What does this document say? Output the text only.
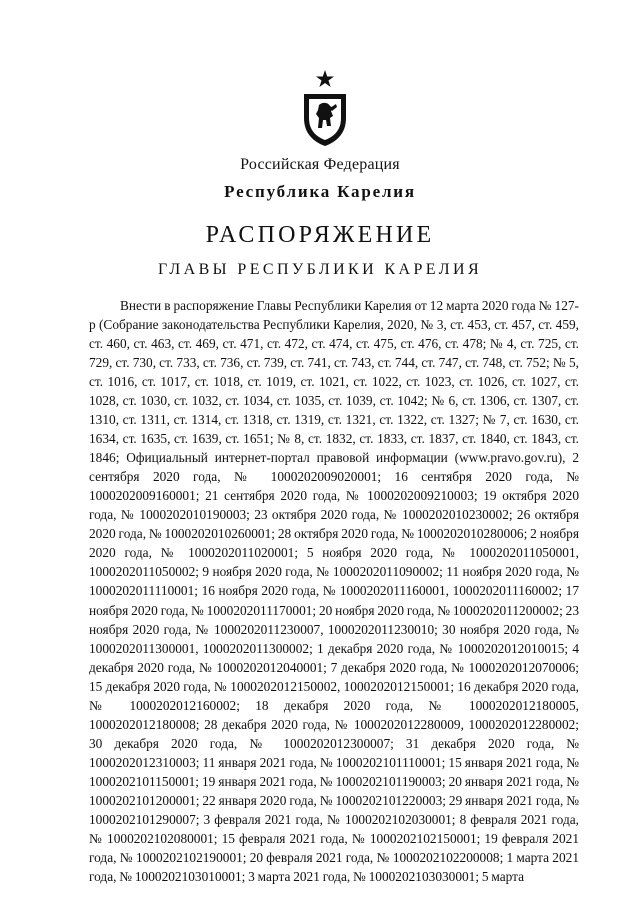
Российская Федерация
Республика Карелия
РАСПОРЯЖЕНИЕ
ГЛАВЫ РЕСПУБЛИКИ КАРЕЛИЯ

Внести в распоряжение Главы Республики Карелия от 12 марта 2020 года № 127-р (Собрание законодательства Республики Карелия, 2020, № 3, ст. 453, ст. 457, ст. 459, ст. 460, ст. 463, ст. 469, ст. 471, ст. 472, ст. 474, ст. 475, ст. 476, ст. 478; № 4, ст. 725, ст. 729, ст. 730, ст. 733, ст. 736, ст. 739, ст. 741, ст. 743, ст. 744, ст. 747, ст. 748, ст. 752; № 5, ст. 1016, ст. 1017, ст. 1018, ст. 1019, ст. 1021, ст. 1022, ст. 1023, ст. 1026, ст. 1027, ст. 1028, ст. 1030, ст. 1032, ст. 1034, ст. 1035, ст. 1039, ст. 1042; № 6, ст. 1306, ст. 1307, ст. 1310, ст. 1311, ст. 1314, ст. 1318, ст. 1319, ст. 1321, ст. 1322, ст. 1327; № 7, ст. 1630, ст. 1634, ст. 1635, ст. 1639, ст. 1651; № 8, ст. 1832, ст. 1833, ст. 1837, ст. 1840, ст. 1843, ст. 1846; Официальный интернет-портал правовой информации (www.pravo.gov.ru), 2 сентября 2020 года, № 1000202009020001; 16 сентября 2020 года, № 1000202009160001; 21 сентября 2020 года, № 1000202009210003; 19 октября 2020 года, № 1000202010190003; 23 октября 2020 года, № 1000202010230002; 26 октября 2020 года, № 1000202010260001; 28 октября 2020 года, № 1000202010280006; 2 ноября 2020 года, № 1000202011020001; 5 ноября 2020 года, № 1000202011050001, 1000202011050002; 9 ноября 2020 года, № 1000202011090002; 11 ноября 2020 года, № 1000202011110001; 16 ноября 2020 года, № 1000202011160001, 1000202011160002; 17 ноября 2020 года, № 1000202011170001; 20 ноября 2020 года, № 1000202011200002; 23 ноября 2020 года, № 1000202011230007, 1000202011230010; 30 ноября 2020 года, № 1000202011300001, 1000202011300002; 1 декабря 2020 года, № 1000202012010015; 4 декабря 2020 года, № 1000202012040001; 7 декабря 2020 года, № 1000202012070006; 15 декабря 2020 года, № 1000202012150002, 1000202012150001; 16 декабря 2020 года, № 1000202012160002; 18 декабря 2020 года, № 1000202012180005, 1000202012180008; 28 декабря 2020 года, № 1000202012280009, 1000202012280002; 30 декабря 2020 года, № 1000202012300007; 31 декабря 2020 года, № 1000202012310003; 11 января 2021 года, № 1000202101110001; 15 января 2021 года, № 1000202101150001; 19 января 2021 года, № 1000202101190003; 20 января 2021 года, № 1000202101200001; 22 января 2020 года, № 1000202101220003; 29 января 2021 года, № 1000202101290007; 3 февраля 2021 года, № 1000202102030001; 8 февраля 2021 года, № 1000202102080001; 15 февраля 2021 года, № 1000202102150001; 19 февраля 2021 года, № 1000202102190001; 20 февраля 2021 года, № 1000202102200008; 1 марта 2021 года, № 1000202103010001; 3 марта 2021 года, № 1000202103030001; 5 марта
